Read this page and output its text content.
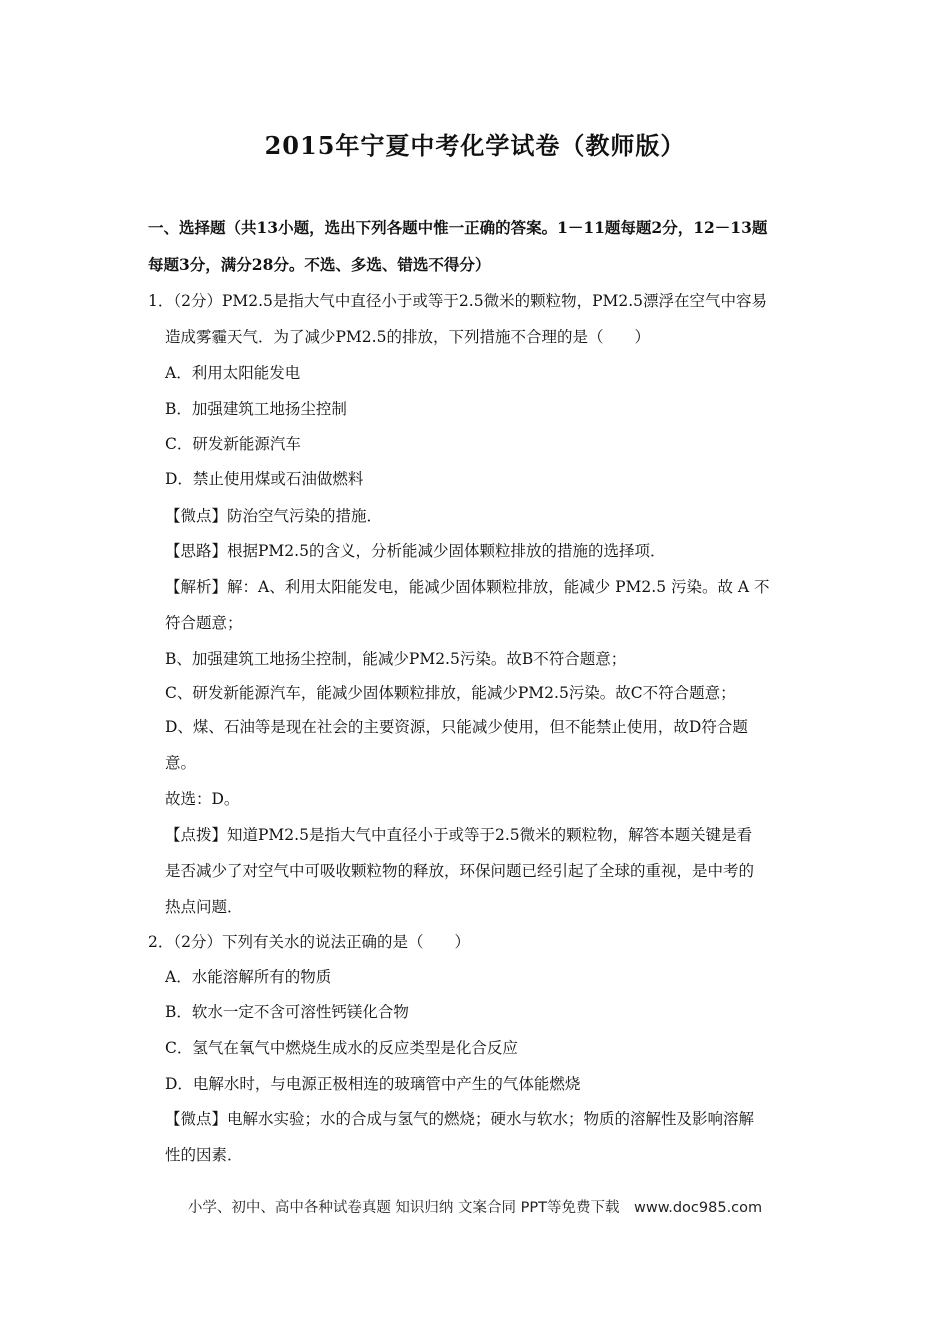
2015年宁夏中考化学试卷（教师版）
一、选择题（共13小题，选出下列各题中惟一正确的答案。1－11题每题2分，12－13题
每题3分，满分28分。不选、多选、错选不得分）
1．（2分）PM2.5是指大气中直径小于或等于2.5微米的颗粒物，PM2.5漂浮在空气中容易
造成雾霾天气．为了减少PM2.5的排放，下列措施不合理的是（　　）
A．利用太阳能发电
B．加强建筑工地扬尘控制
C．研发新能源汽车
D．禁止使用煤或石油做燃料
【微点】防治空气污染的措施．
【思路】根据PM2.5的含义，分析能减少固体颗粒排放的措施的选择项．
【解析】解：A、利用太阳能发电，能减少固体颗粒排放，能减少 PM2.5 污染。故 A 不
符合题意；
B、加强建筑工地扬尘控制，能减少PM2.5污染。故B不符合题意；
C、研发新能源汽车，能减少固体颗粒排放，能减少PM2.5污染。故C不符合题意；
D、煤、石油等是现在社会的主要资源，只能减少使用，但不能禁止使用，故D符合题
意。
故选：D。
【点拨】知道PM2.5是指大气中直径小于或等于2.5微米的颗粒物，解答本题关键是看
是否减少了对空气中可吸收颗粒物的释放，环保问题已经引起了全球的重视，是中考的
热点问题．
2．（2分）下列有关水的说法正确的是（　　）
A．水能溶解所有的物质
B．软水一定不含可溶性钙镁化合物
C．氢气在氧气中燃烧生成水的反应类型是化合反应
D．电解水时，与电源正极相连的玻璃管中产生的气体能燃烧
【微点】电解水实验；水的合成与氢气的燃烧；硬水与软水；物质的溶解性及影响溶解
性的因素．
小学、初中、高中各种试卷真题 知识归纳 文案合同 PPT等免费下载　www.doc985.com
